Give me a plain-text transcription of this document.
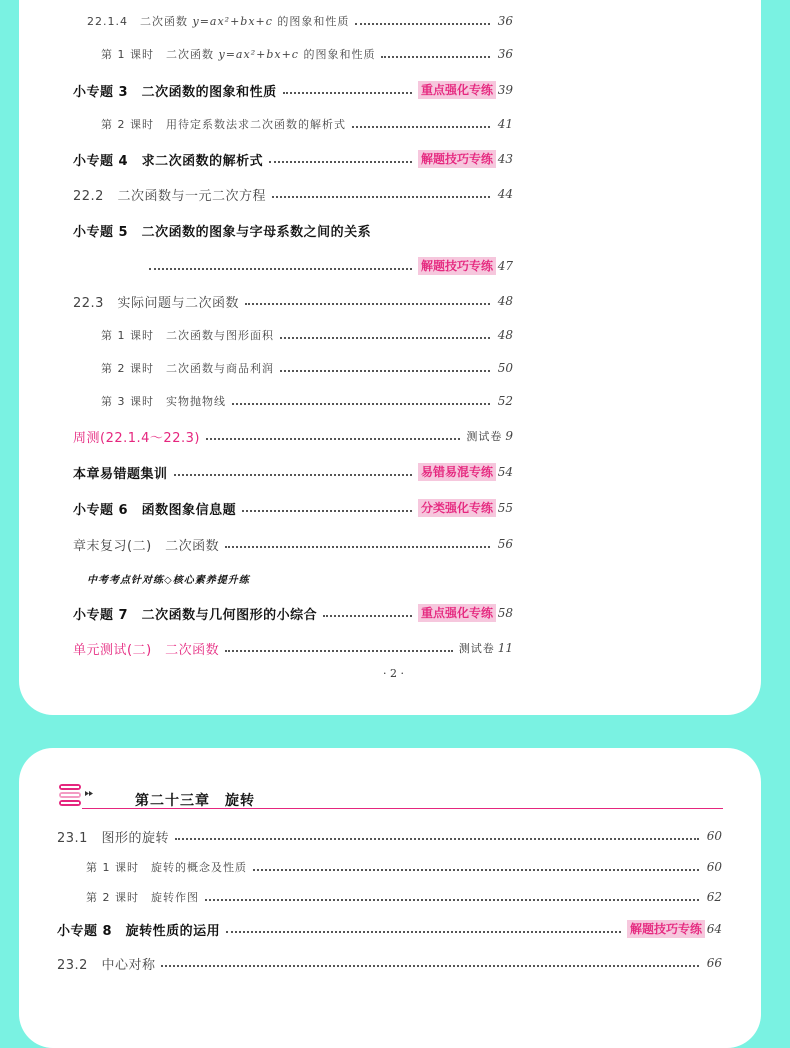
22.1.4　二次函数 y=ax²+bx+c 的图象和性质	36
第 1 课时　二次函数 y=ax²+bx+c 的图象和性质	36
小专题 3　二次函数的图象和性质	重点强化专练 39
第 2 课时　用待定系数法求二次函数的解析式	41
小专题 4　求二次函数的解析式	解题技巧专练 43
22.2　二次函数与一元二次方程	44
小专题 5　二次函数的图象与字母系数之间的关系
解题技巧专练 47
22.3　实际问题与二次函数	48
第 1 课时　二次函数与图形面积	48
第 2 课时　二次函数与商品利润	50
第 3 课时　实物抛物线	52
周测(22.1.4～22.3)	测试卷 9
本章易错题集训	易错易混专练 54
小专题 6　函数图象信息题	分类强化专练 55
章末复习(二)　二次函数	56
中考考点针对练◇核心素养提升练
小专题 7　二次函数与几何图形的小综合	重点强化专练 58
单元测试(二)　二次函数	测试卷 11
· 2 ·
第二十三章　旋转
23.1　图形的旋转	60
第 1 课时　旋转的概念及性质	60
第 2 课时　旋转作图	62
小专题 8　旋转性质的运用	解题技巧专练 64
23.2　中心对称	66
